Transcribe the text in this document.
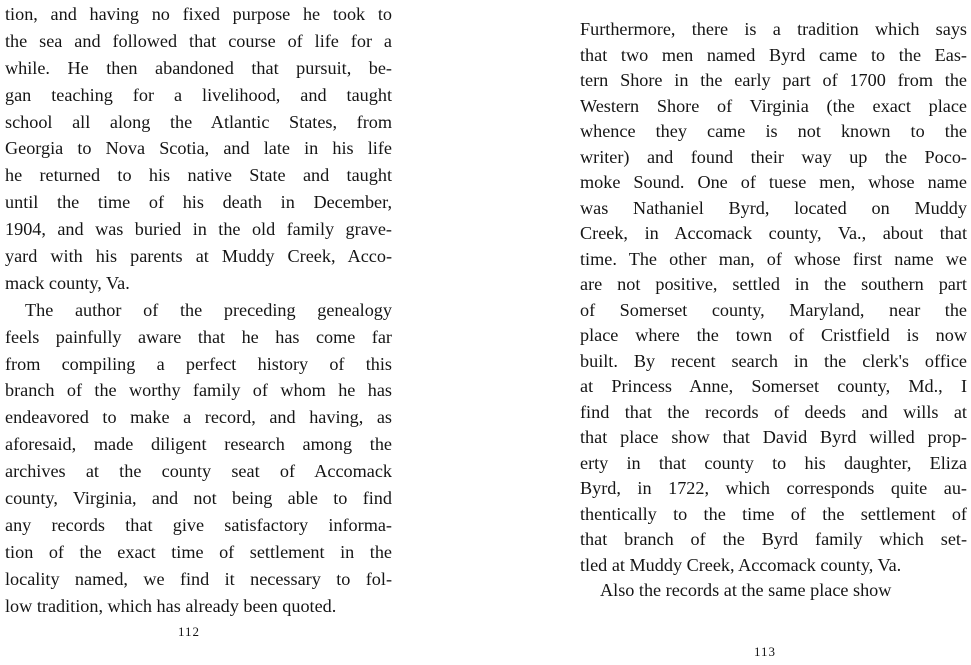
tion, and having no fixed purpose he took to
the sea and followed that course of life for a
while. He then abandoned that pursuit, be-
gan teaching for a livelihood, and taught
school all along the Atlantic States, from
Georgia to Nova Scotia, and late in his life
he returned to his native State and taught
until the time of his death in December,
1904, and was buried in the old family grave-
yard with his parents at Muddy Creek, Acco-
mack county, Va.
The author of the preceding genealogy
feels painfully aware that he has come far
from compiling a perfect history of this
branch of the worthy family of whom he has
endeavored to make a record, and having, as
aforesaid, made diligent research among the
archives at the county seat of Accomack
county, Virginia, and not being able to find
any records that give satisfactory informa-
tion of the exact time of settlement in the
locality named, we find it necessary to fol-
low tradition, which has already been quoted.
112
Furthermore, there is a tradition which says
that two men named Byrd came to the Eas-
tern Shore in the early part of 1700 from the
Western Shore of Virginia (the exact place
whence they came is not known to the
writer) and found their way up the Poco-
moke Sound. One of tuese men, whose name
was Nathaniel Byrd, located on Muddy
Creek, in Accomack county, Va., about that
time. The other man, of whose first name we
are not positive, settled in the southern part
of Somerset county, Maryland, near the
place where the town of Cristfield is now
built. By recent search in the clerk's office
at Princess Anne, Somerset county, Md., I
find that the records of deeds and wills at
that place show that David Byrd willed prop-
erty in that county to his daughter, Eliza
Byrd, in 1722, which corresponds quite au-
thentically to the time of the settlement of
that branch of the Byrd family which set-
tled at Muddy Creek, Accomack county, Va.
Also the records at the same place show
113
